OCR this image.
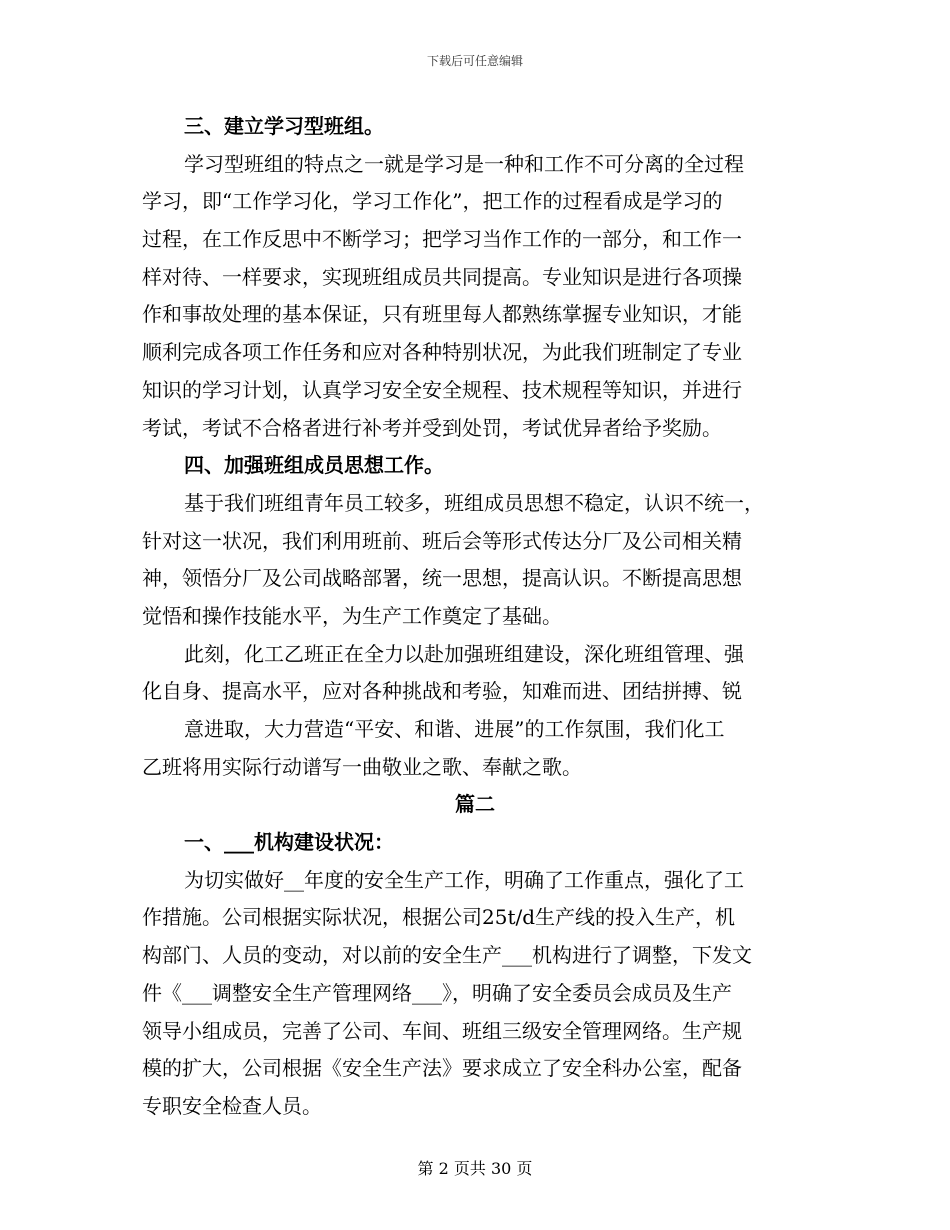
下载后可任意编辑
三、建立学习型班组。
学习型班组的特点之一就是学习是一种和工作不可分离的全过程
学习，即“工作学习化，学习工作化”，把工作的过程看成是学习的
过程，在工作反思中不断学习；把学习当作工作的一部分，和工作一
样对待、一样要求，实现班组成员共同提高。专业知识是进行各项操
作和事故处理的基本保证，只有班里每人都熟练掌握专业知识，才能
顺利完成各项工作任务和应对各种特别状况，为此我们班制定了专业
知识的学习计划，认真学习安全安全规程、技术规程等知识，并进行
考试，考试不合格者进行补考并受到处罚，考试优异者给予奖励。
四、加强班组成员思想工作。
基于我们班组青年员工较多，班组成员思想不稳定，认识不统一，
针对这一状况，我们利用班前、班后会等形式传达分厂及公司相关精
神，领悟分厂及公司战略部署，统一思想，提高认识。不断提高思想
觉悟和操作技能水平，为生产工作奠定了基础。
此刻，化工乙班正在全力以赴加强班组建设，深化班组管理、强
化自身、提高水平，应对各种挑战和考验，知难而进、团结拼搏、锐
意进取，大力营造“平安、和谐、进展”的工作氛围，我们化工
乙班将用实际行动谱写一曲敬业之歌、奉献之歌。
篇二
一、___机构建设状况：
为切实做好__年度的安全生产工作，明确了工作重点，强化了工
作措施。公司根据实际状况，根据公司25t/d生产线的投入生产，机
构部门、人员的变动，对以前的安全生产___机构进行了调整，下发文
件《___调整安全生产管理网络___》，明确了安全委员会成员及生产
领导小组成员，完善了公司、车间、班组三级安全管理网络。生产规
模的扩大，公司根据《安全生产法》要求成立了安全科办公室，配备
专职安全检查人员。
第 2 页共 30 页
